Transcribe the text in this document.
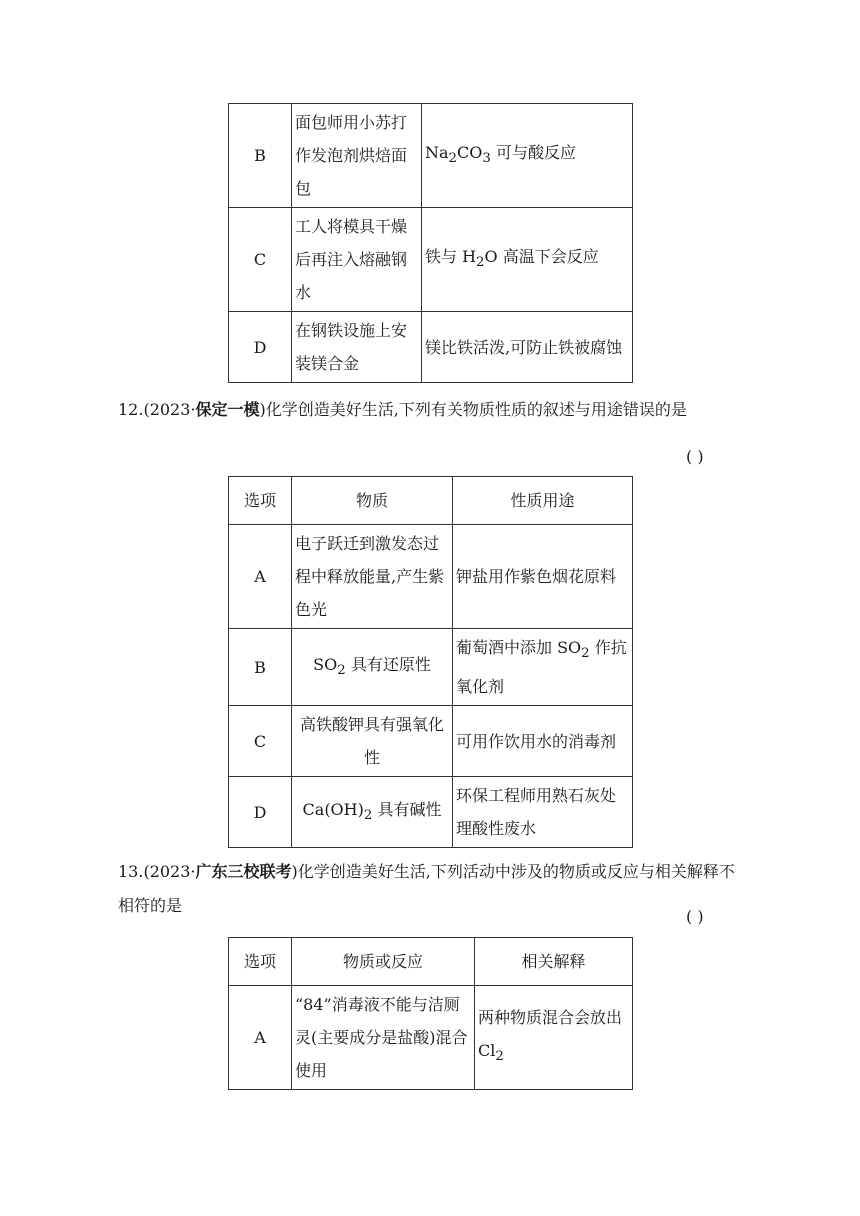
B	面包师用小苏打作发泡剂烘焙面包	$Na_2CO_3$ 可与酸反应
C	工人将模具干燥后再注入熔融钢水	铁与 $H_2O$ 高温下会反应
D	在钢铁设施上安装镁合金	镁比铁活泼,可防止铁被腐蚀
12.(2023·保定一模)化学创造美好生活,下列有关物质性质的叙述与用途错误的是
( )
选项	物质	性质用途
A	电子跃迁到激发态过程中释放能量,产生紫色光	钾盐用作紫色烟花原料
B	$SO_2$ 具有还原性	葡萄酒中添加 $SO_2$ 作抗氧化剂
C	高铁酸钾具有强氧化性	可用作饮用水的消毒剂
D	$Ca(OH)_2$ 具有碱性	环保工程师用熟石灰处理酸性废水
13.(2023·广东三校联考)化学创造美好生活,下列活动中涉及的物质或反应与相关解释不相符的是
( )
选项	物质或反应	相关解释
A	“84”消毒液不能与洁厕灵(主要成分是盐酸)混合使用	两种物质混合会放出 $Cl_2$
